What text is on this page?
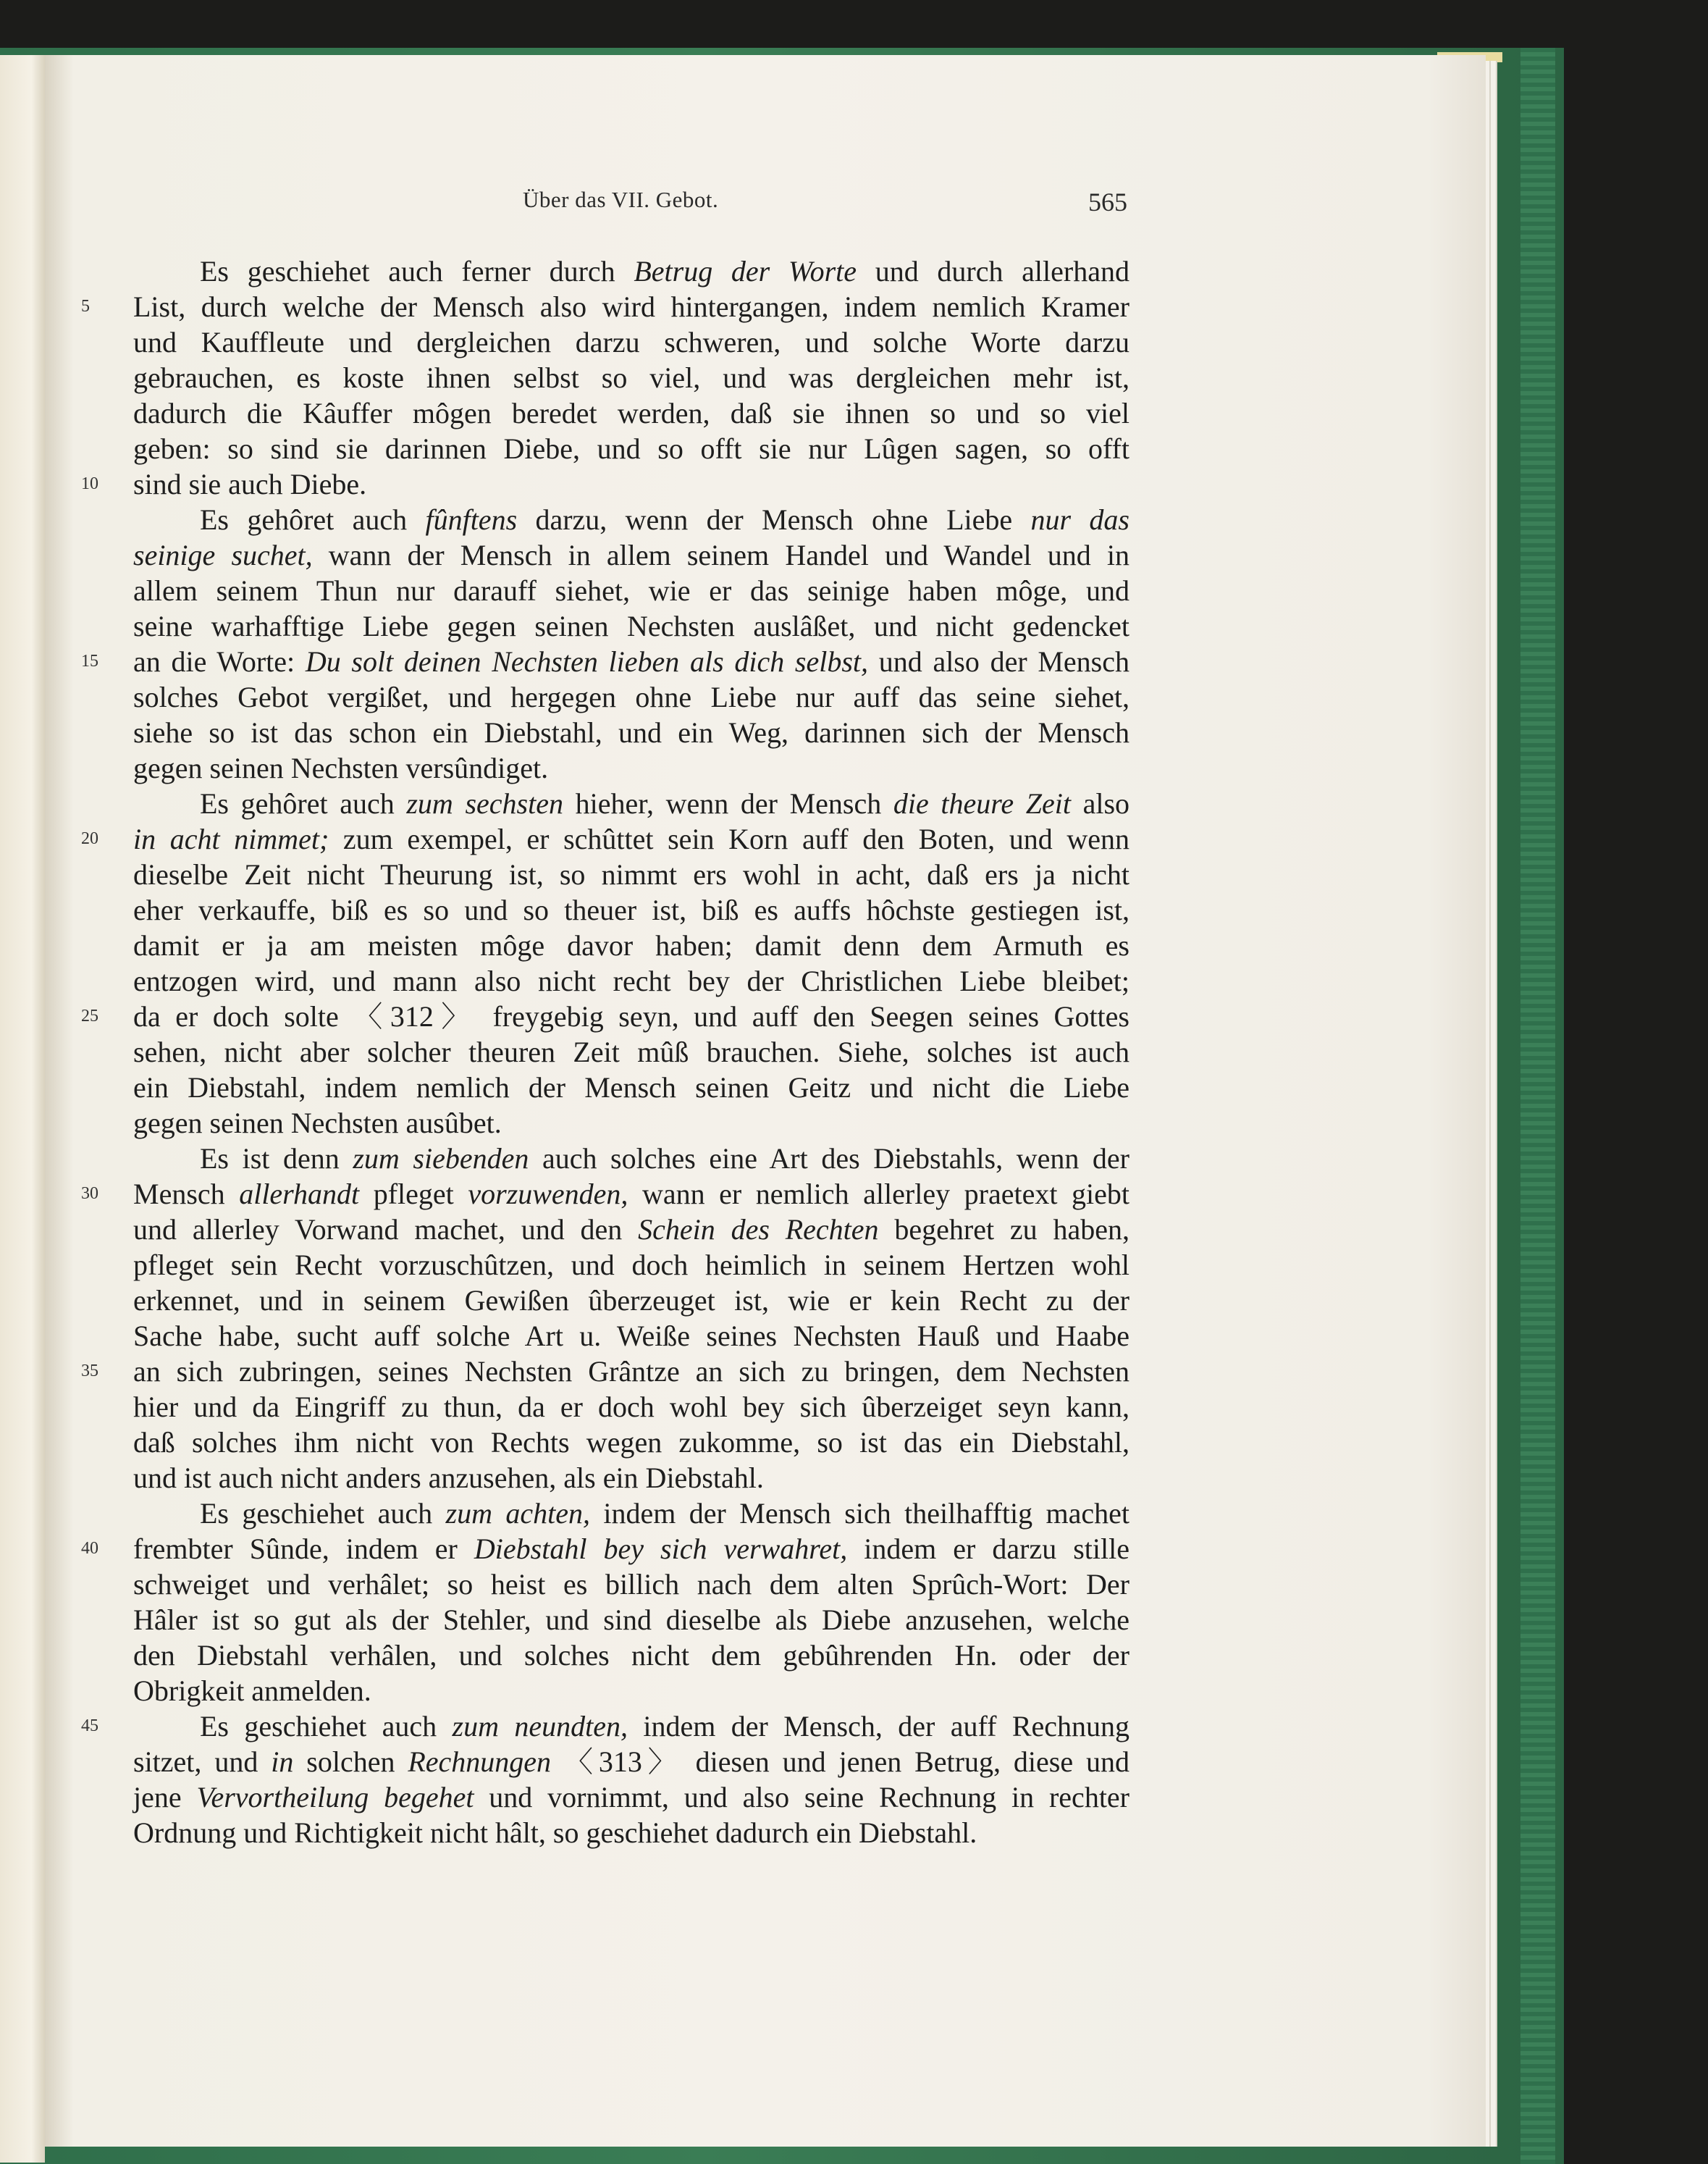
Über das VII. Gebot.	565
Es geschiehet auch ferner durch Betrug der Worte und durch allerhand
5	List, durch welche der Mensch also wird hintergangen, indem nemlich Kramer
und Kauffleute und dergleichen darzu schweren, und solche Worte darzu
gebrauchen, es koste ihnen selbst so viel, und was dergleichen mehr ist,
dadurch die Kâuffer môgen beredet werden, daß sie ihnen so und so viel
geben: so sind sie darinnen Diebe, und so offt sie nur Lûgen sagen, so offt
10	sind sie auch Diebe.
Es gehôret auch fûnftens darzu, wenn der Mensch ohne Liebe nur das
seinige suchet, wann der Mensch in allem seinem Handel und Wandel und in
allem seinem Thun nur darauff siehet, wie er das seinige haben môge, und
seine warhafftige Liebe gegen seinen Nechsten auslâßet, und nicht gedencket
15	an die Worte: Du solt deinen Nechsten lieben als dich selbst, und also der Mensch
solches Gebot vergißet, und hergegen ohne Liebe nur auff das seine siehet,
siehe so ist das schon ein Diebstahl, und ein Weg, darinnen sich der Mensch
gegen seinen Nechsten versûndiget.
Es gehôret auch zum sechsten hieher, wenn der Mensch die theure Zeit also
20	in acht nimmet; zum exempel, er schûttet sein Korn auff den Boten, und wenn
dieselbe Zeit nicht Theurung ist, so nimmt ers wohl in acht, daß ers ja nicht
eher verkauffe, biß es so und so theuer ist, biß es auffs hôchste gestiegen ist,
damit er ja am meisten môge davor haben; damit denn dem Armuth es
entzogen wird, und mann also nicht recht bey der Christlichen Liebe bleibet;
25	da er doch solte 〈312〉 freygebig seyn, und auff den Seegen seines Gottes
sehen, nicht aber solcher theuren Zeit mûß brauchen. Siehe, solches ist auch
ein Diebstahl, indem nemlich der Mensch seinen Geitz und nicht die Liebe
gegen seinen Nechsten ausûbet.
Es ist denn zum siebenden auch solches eine Art des Diebstahls, wenn der
30	Mensch allerhandt pfleget vorzuwenden, wann er nemlich allerley praetext giebt
und allerley Vorwand machet, und den Schein des Rechten begehret zu haben,
pfleget sein Recht vorzuschûtzen, und doch heimlich in seinem Hertzen wohl
erkennet, und in seinem Gewißen ûberzeuget ist, wie er kein Recht zu der
Sache habe, sucht auff solche Art u. Weiße seines Nechsten Hauß und Haabe
35	an sich zubringen, seines Nechsten Grântze an sich zu bringen, dem Nechsten
hier und da Eingriff zu thun, da er doch wohl bey sich ûberzeiget seyn kann,
daß solches ihm nicht von Rechts wegen zukomme, so ist das ein Diebstahl,
und ist auch nicht anders anzusehen, als ein Diebstahl.
Es geschiehet auch zum achten, indem der Mensch sich theilhafftig machet
40	frembter Sûnde, indem er Diebstahl bey sich verwahret, indem er darzu stille
schweiget und verhâlet; so heist es billich nach dem alten Sprûch-Wort: Der
Hâler ist so gut als der Stehler, und sind dieselbe als Diebe anzusehen, welche
den Diebstahl verhâlen, und solches nicht dem gebûhrenden Hn. oder der
Obrigkeit anmelden.
45	Es geschiehet auch zum neundten, indem der Mensch, der auff Rechnung
sitzet, und in solchen Rechnungen 〈313〉 diesen und jenen Betrug, diese und
jene Vervortheilung begehet und vornimmt, und also seine Rechnung in rechter
Ordnung und Richtigkeit nicht hâlt, so geschiehet dadurch ein Diebstahl.
